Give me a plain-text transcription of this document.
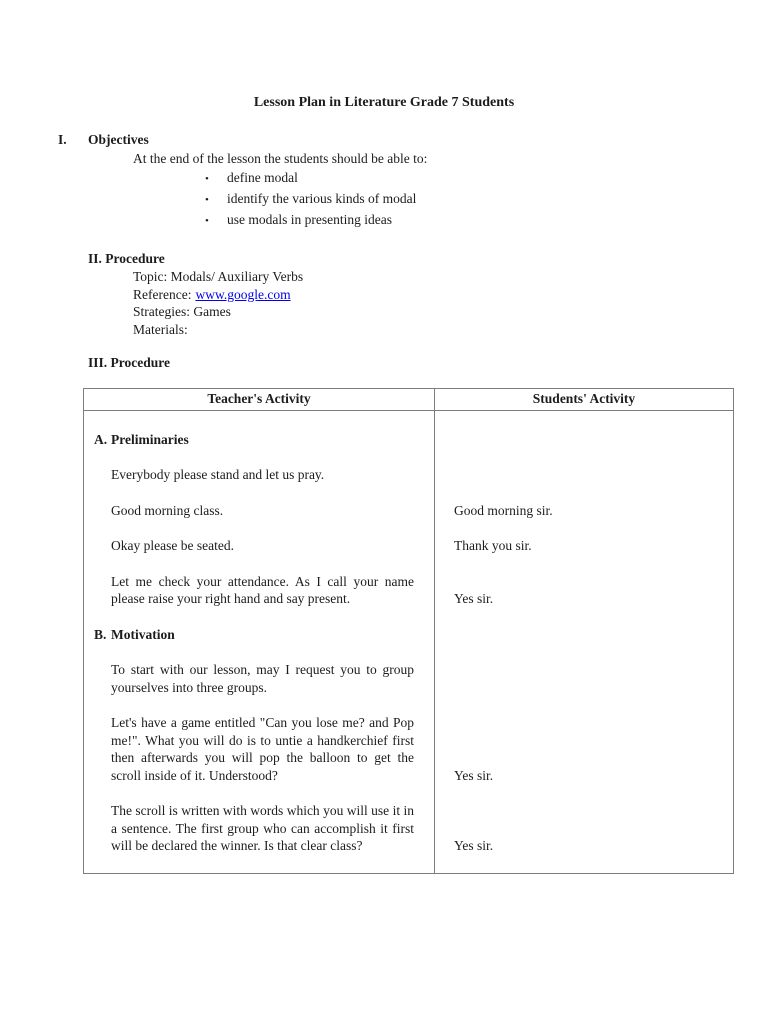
Lesson Plan in Literature Grade 7 Students
I. Objectives
At the end of the lesson the students should be able to:
• define modal
• identify the various kinds of modal
• use modals in presenting ideas
II. Procedure
Topic: Modals/ Auxiliary Verbs
Reference: www.google.com
Strategies: Games
Materials:
III. Procedure
Teacher's Activity	Students' Activity
A. Preliminaries

Everybody please stand and let us pray.

Good morning class.	Good morning sir.

Okay please be seated.	Thank you sir.

Let me check your attendance. As I call your name please raise your right hand and say present.	Yes sir.

B. Motivation

To start with our lesson, may I request you to group yourselves into three groups.

Let's have a game entitled "Can you lose me? and Pop me!". What you will do is to untie a handkerchief first then afterwards you will pop the balloon to get the scroll inside of it. Understood?	Yes sir.

The scroll is written with words which you will use it in a sentence. The first group who can accomplish it first will be declared the winner. Is that clear class?	Yes sir.
